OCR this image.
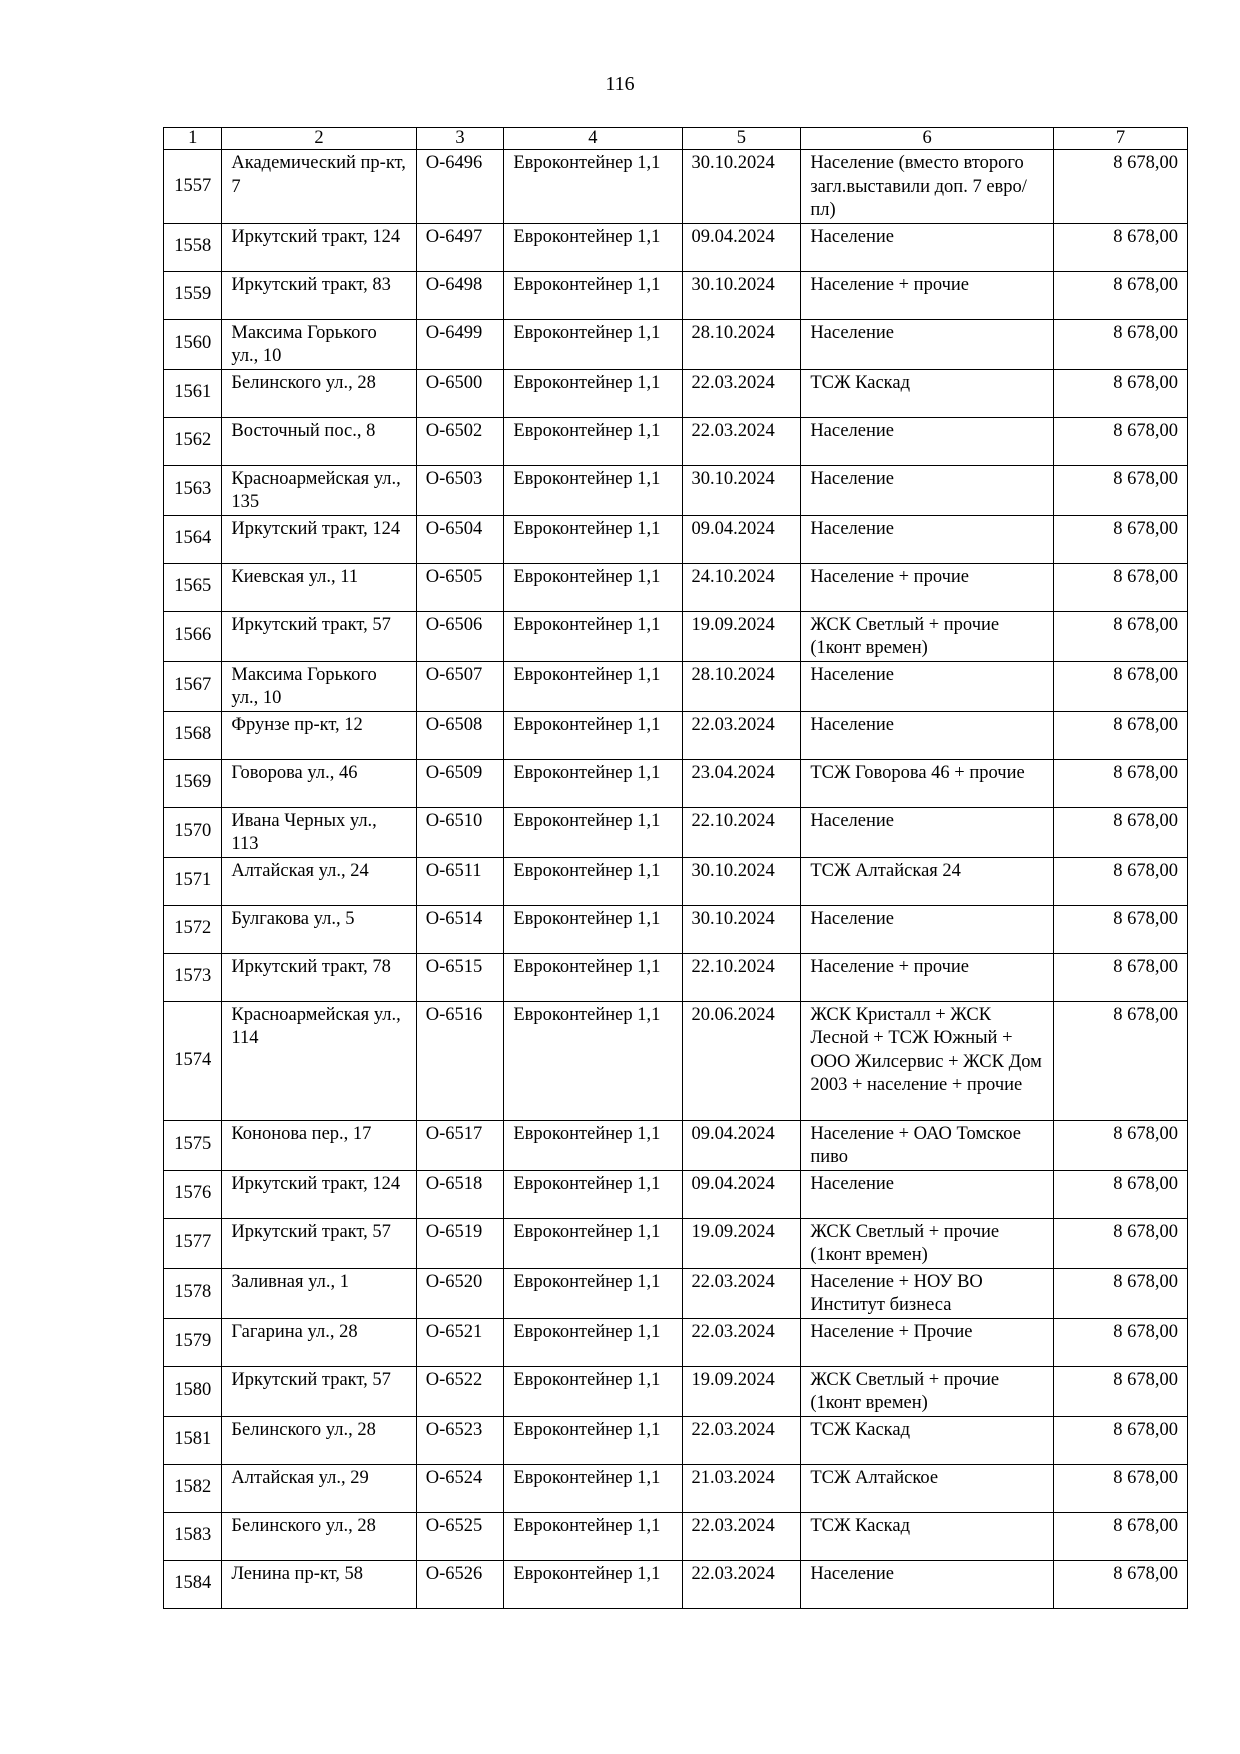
116
1	2	3	4	5	6	7
1557	Академический пр-кт, 7	О-6496	Евроконтейнер 1,1	30.10.2024	Население (вместо второго загл.выставили доп. 7 евро/пл)	8 678,00
1558	Иркутский тракт, 124	О-6497	Евроконтейнер 1,1	09.04.2024	Население	8 678,00
1559	Иркутский тракт, 83	О-6498	Евроконтейнер 1,1	30.10.2024	Население + прочие	8 678,00
1560	Максима Горького ул., 10	О-6499	Евроконтейнер 1,1	28.10.2024	Население	8 678,00
1561	Белинского ул., 28	О-6500	Евроконтейнер 1,1	22.03.2024	ТСЖ Каскад	8 678,00
1562	Восточный пос., 8	О-6502	Евроконтейнер 1,1	22.03.2024	Население	8 678,00
1563	Красноармейская ул., 135	О-6503	Евроконтейнер 1,1	30.10.2024	Население	8 678,00
1564	Иркутский тракт, 124	О-6504	Евроконтейнер 1,1	09.04.2024	Население	8 678,00
1565	Киевская ул., 11	О-6505	Евроконтейнер 1,1	24.10.2024	Население + прочие	8 678,00
1566	Иркутский тракт, 57	О-6506	Евроконтейнер 1,1	19.09.2024	ЖСК Светлый + прочие (1конт времен)	8 678,00
1567	Максима Горького ул., 10	О-6507	Евроконтейнер 1,1	28.10.2024	Население	8 678,00
1568	Фрунзе пр-кт, 12	О-6508	Евроконтейнер 1,1	22.03.2024	Население	8 678,00
1569	Говорова ул., 46	О-6509	Евроконтейнер 1,1	23.04.2024	ТСЖ Говорова 46 + прочие	8 678,00
1570	Ивана Черных ул., 113	О-6510	Евроконтейнер 1,1	22.10.2024	Население	8 678,00
1571	Алтайская ул., 24	О-6511	Евроконтейнер 1,1	30.10.2024	ТСЖ Алтайская 24	8 678,00
1572	Булгакова ул., 5	О-6514	Евроконтейнер 1,1	30.10.2024	Население	8 678,00
1573	Иркутский тракт, 78	О-6515	Евроконтейнер 1,1	22.10.2024	Население + прочие	8 678,00
1574	Красноармейская ул., 114	О-6516	Евроконтейнер 1,1	20.06.2024	ЖСК Кристалл + ЖСК Лесной + ТСЖ Южный + ООО Жилсервис + ЖСК Дом 2003 + население + прочие	8 678,00
1575	Кононова пер., 17	О-6517	Евроконтейнер 1,1	09.04.2024	Население + ОАО Томское пиво	8 678,00
1576	Иркутский тракт, 124	О-6518	Евроконтейнер 1,1	09.04.2024	Население	8 678,00
1577	Иркутский тракт, 57	О-6519	Евроконтейнер 1,1	19.09.2024	ЖСК Светлый + прочие (1конт времен)	8 678,00
1578	Заливная ул., 1	О-6520	Евроконтейнер 1,1	22.03.2024	Население + НОУ ВО Институт бизнеса	8 678,00
1579	Гагарина ул., 28	О-6521	Евроконтейнер 1,1	22.03.2024	Население + Прочие	8 678,00
1580	Иркутский тракт, 57	О-6522	Евроконтейнер 1,1	19.09.2024	ЖСК Светлый + прочие (1конт времен)	8 678,00
1581	Белинского ул., 28	О-6523	Евроконтейнер 1,1	22.03.2024	ТСЖ Каскад	8 678,00
1582	Алтайская ул., 29	О-6524	Евроконтейнер 1,1	21.03.2024	ТСЖ Алтайское	8 678,00
1583	Белинского ул., 28	О-6525	Евроконтейнер 1,1	22.03.2024	ТСЖ Каскад	8 678,00
1584	Ленина пр-кт, 58	О-6526	Евроконтейнер 1,1	22.03.2024	Население	8 678,00
